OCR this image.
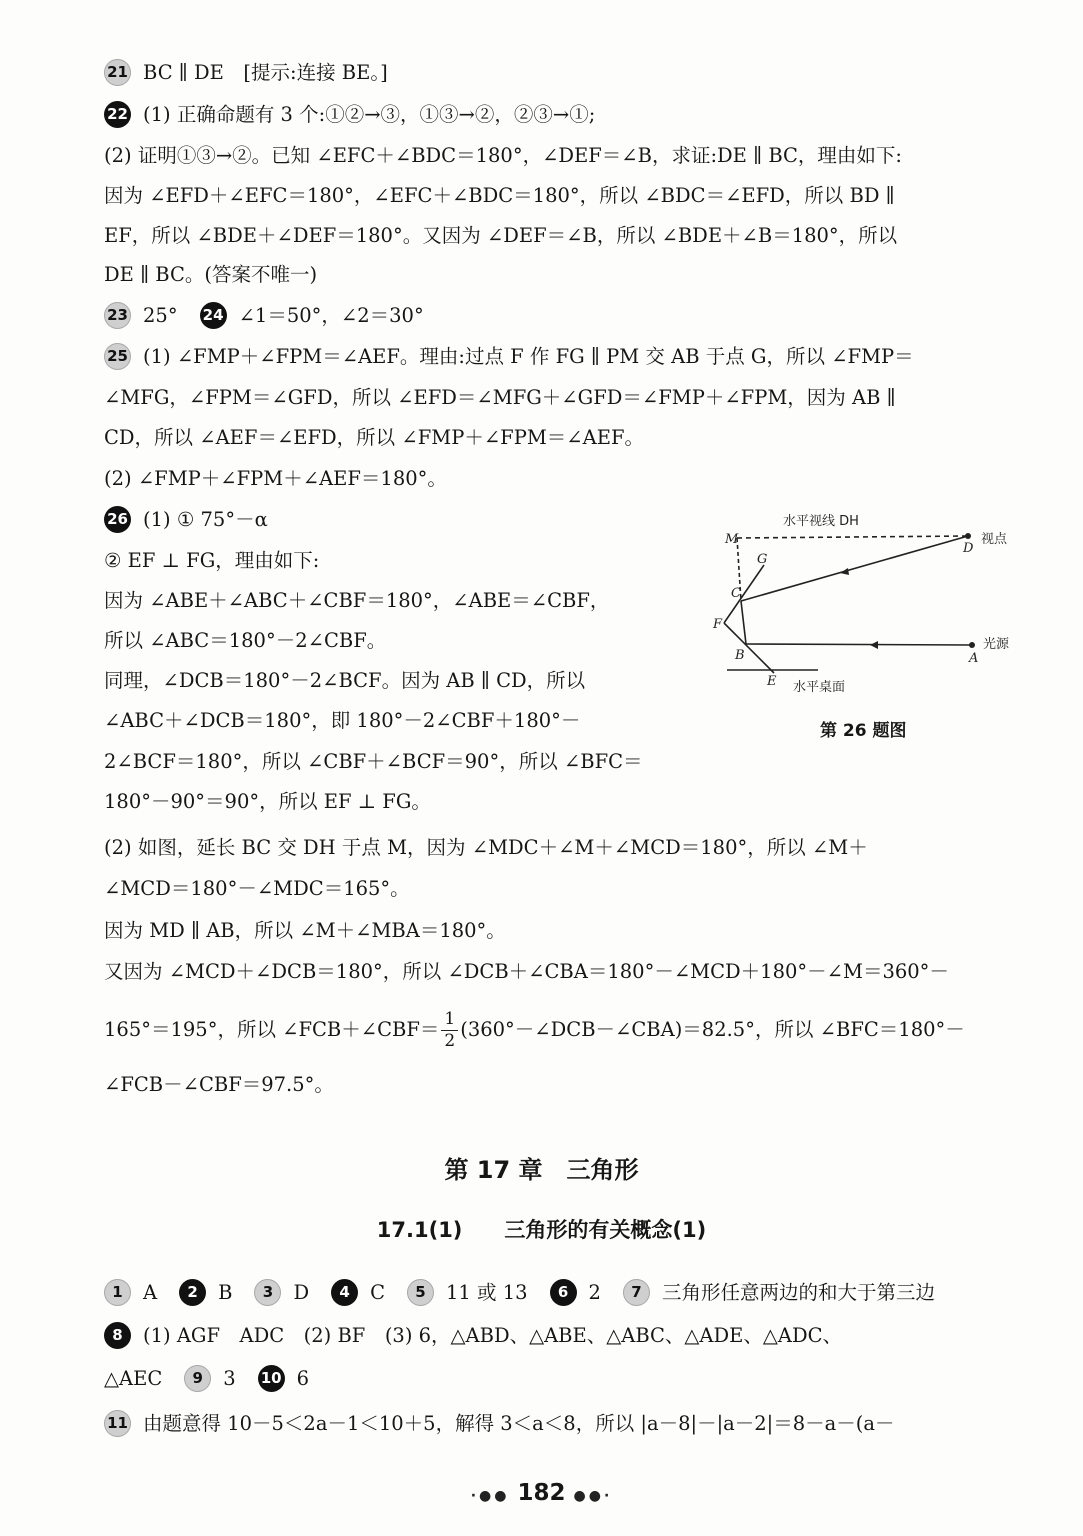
21 BC ∥ DE　[提示:连接 BE。]
22 (1) 正确命题有 3 个:①②→③，①③→②，②③→①;
(2) 证明①③→②。已知 ∠EFC＋∠BDC＝180°，∠DEF＝∠B，求证:DE ∥ BC，理由如下:
因为 ∠EFD＋∠EFC＝180°，∠EFC＋∠BDC＝180°，所以 ∠BDC＝∠EFD，所以 BD ∥
EF，所以 ∠BDE＋∠DEF＝180°。又因为 ∠DEF＝∠B，所以 ∠BDE＋∠B＝180°，所以
DE ∥ BC。(答案不唯一)
23 25° 24 ∠1＝50°，∠2＝30°
25 (1) ∠FMP＋∠FPM＝∠AEF。理由:过点 F 作 FG ∥ PM 交 AB 于点 G，所以 ∠FMP＝
∠MFG，∠FPM＝∠GFD，所以 ∠EFD＝∠MFG＋∠GFD＝∠FMP＋∠FPM，因为 AB ∥
CD，所以 ∠AEF＝∠EFD，所以 ∠FMP＋∠FPM＝∠AEF。
(2) ∠FMP＋∠FPM＋∠AEF＝180°。
26 (1) ① 75°－α
② EF ⊥ FG，理由如下:
因为 ∠ABE＋∠ABC＋∠CBF＝180°，∠ABE＝∠CBF，
所以 ∠ABC＝180°－2∠CBF。
同理，∠DCB＝180°－2∠BCF。因为 AB ∥ CD，所以
∠ABC＋∠DCB＝180°，即 180°－2∠CBF＋180°－
2∠BCF＝180°，所以 ∠CBF＋∠BCF＝90°，所以 ∠BFC＝
180°－90°＝90°，所以 EF ⊥ FG。
(2) 如图，延长 BC 交 DH 于点 M，因为 ∠MDC＋∠M＋∠MCD＝180°，所以 ∠M＋
∠MCD＝180°－∠MDC＝165°。
因为 MD ∥ AB，所以 ∠M＋∠MBA＝180°。
又因为 ∠MCD＋∠DCB＝180°，所以 ∠DCB＋∠CBA＝180°－∠MCD＋180°－∠M＝360°－
165°＝195°，所以 ∠FCB＋∠CBF＝ $\frac{1}{2}$ (360°－∠DCB－∠CBA)＝82.5°，所以 ∠BFC＝180°－
∠FCB－∠CBF＝97.5°。
M
G
C
F
B
E
D
A
水平视线 DH
视点
光源
水平桌面
第 26 题图
第 17 章　三角形
17.1(1)　　三角形的有关概念(1)
1 A 2 B 3 D 4 C 5 11 或 13 6 2 7 三角形任意两边的和大于第三边
8 (1) AGF　ADC　(2) BF　(3) 6，△ABD、△ABE、△ABC、△ADE、△ADC、
△AEC 9 3 10 6
11 由题意得 10－5＜2a－1＜10＋5，解得 3＜a＜8，所以 |a－8|－|a－2|＝8－a－(a－
·●● 182 ●●·
